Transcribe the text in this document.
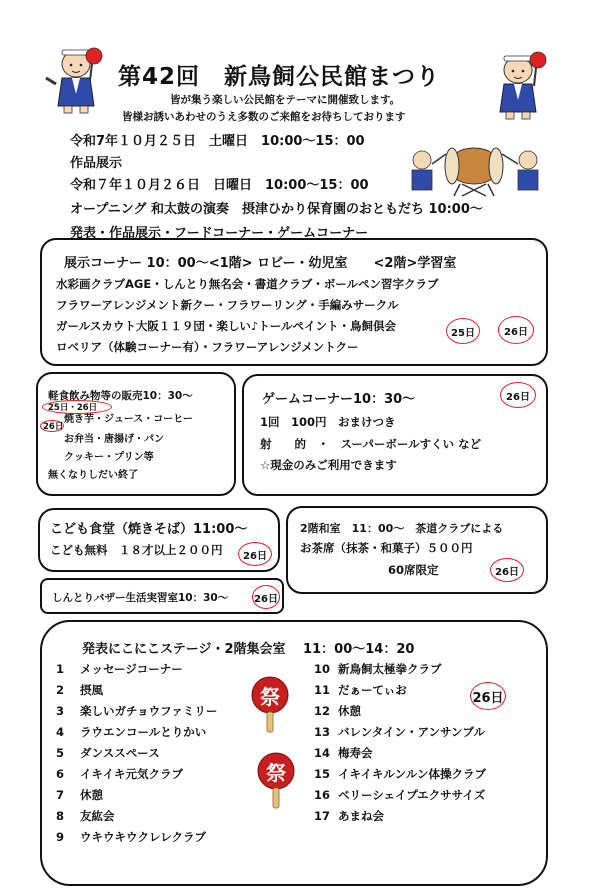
第42回　新鳥飼公民館まつり
皆が集う楽しい公民館をテーマに開催致します。
皆様お誘いあわせのうえ多数のご来館をお待ちしております
令和7年１０月２５日　土曜日　10:00～15：00
作品展示
令和７年１０月２６日　日曜日　10:00～15：00
オープニング 和太鼓の演奏　摂津ひかり保育園のおともだち 10:00～
発表・作品展示・フードコーナー・ゲームコーナー
展示コーナー 10：00～<1階> ロビー・幼児室　　<2階>学習室
水彩画クラブAGE・しんとり無名会・書道クラブ・ボールペン習字クラブ
フラワーアレンジメント新クー・フラワーリング・手編みサークル
ガールスカウト大阪１１９団・楽しい♪トールペイント・鳥飼倶会
ロベリア（体験コーナー有）・フラワーアレンジメントクー
25日	26日
軽食飲み物等の販売10：30～
25日・26日
26日
焼き芋・ジュース・コーヒー
お弁当・唐揚げ・パン
クッキー・プリン等
無くなりしだい終了
ゲームコーナー10：30～	26日
1回　100円　おまけつき
射　　的　・　スーパーボールすくい など
☆現金のみご利用できます
こども食堂（焼きそば）11:00～
こども無料　１８才以上２００円	26日
2階和室　11：00～　茶道クラブによる
お茶席（抹茶・和菓子）５００円
60席限定	26日
しんとりバザー生活実習室10：30～	26日
発表にこにこステージ・2階集会室　 11：00～14：20
26日
1	メッセージコーナー
2	摂風
3	楽しいガチョウファミリー
4	ラウエンコールとりかい
5	ダンススペース
6	イキイキ元気クラブ
7	休憩
8	友紘会
9	ウキウキウクレレクラブ
10 新鳥飼太極拳クラブ
11 だぁーてぃお
12 休憩
13 バレンタイン・アンサンブル
14 梅寿会
15 イキイキルンルン体操クラブ
16 ベリーシェイプエクササイズ
17 あまね会
祭
祭
